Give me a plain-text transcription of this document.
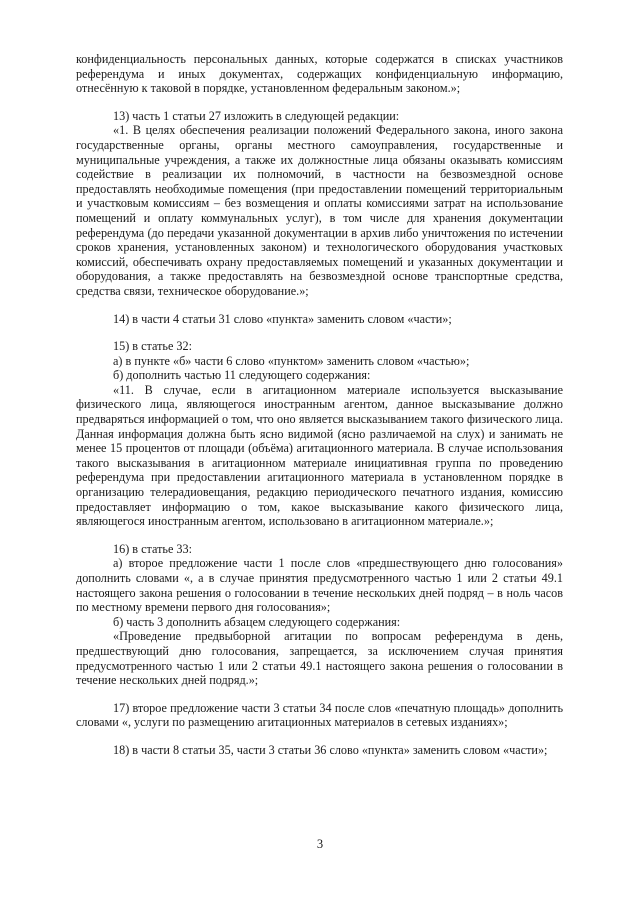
конфиденциальность персональных данных, которые содержатся в списках участников референдума и иных документах, содержащих конфиденциальную информацию, отнесённую к таковой в порядке, установленном федеральным законом.»;

13) часть 1 статьи 27 изложить в следующей редакции:

«1. В целях обеспечения реализации положений Федерального закона, иного закона государственные органы, органы местного самоуправления, государственные и муниципальные учреждения, а также их должностные лица обязаны оказывать комиссиям содействие в реализации их полномочий, в частности на безвозмездной основе предоставлять необходимые помещения (при предоставлении помещений территориальным и участковым комиссиям – без возмещения и оплаты комиссиями затрат на использование помещений и оплату коммунальных услуг), в том числе для хранения документации референдума (до передачи указанной документации в архив либо уничтожения по истечении сроков хранения, установленных законом) и технологического оборудования участковых комиссий, обеспечивать охрану предоставляемых помещений и указанных документации и оборудования, а также предоставлять на безвозмездной основе транспортные средства, средства связи, техническое оборудование.»;

14) в части 4 статьи 31 слово «пункта» заменить словом «части»;

15) в статье 32:

а) в пункте «б» части 6 слово «пунктом» заменить словом «частью»;

б) дополнить частью 11 следующего содержания:

«11. В случае, если в агитационном материале используется высказывание физического лица, являющегося иностранным агентом, данное высказывание должно предваряться информацией о том, что оно является высказыванием такого физического лица. Данная информация должна быть ясно видимой (ясно различаемой на слух) и занимать не менее 15 процентов от площади (объёма) агитационного материала. В случае использования такого высказывания в агитационном материале инициативная группа по проведению референдума при предоставлении агитационного материала в установленном порядке в организацию телерадиовещания, редакцию периодического печатного издания, комиссию предоставляет информацию о том, какое высказывание какого физического лица, являющегося иностранным агентом, использовано в агитационном материале.»;

16) в статье 33:

а) второе предложение части 1 после слов «предшествующего дню голосования» дополнить словами «, а в случае принятия предусмотренного частью 1 или 2 статьи 49.1 настоящего закона решения о голосовании в течение нескольких дней подряд – в ноль часов по местному времени первого дня голосования»;

б) часть 3 дополнить абзацем следующего содержания:

«Проведение предвыборной агитации по вопросам референдума в день, предшествующий дню голосования, запрещается, за исключением случая принятия предусмотренного частью 1 или 2 статьи 49.1 настоящего закона решения о голосовании в течение нескольких дней подряд.»;

17) второе предложение части 3 статьи 34 после слов «печатную площадь» дополнить словами «, услуги по размещению агитационных материалов в сетевых изданиях»;

18) в части 8 статьи 35, части 3 статьи 36 слово «пункта» заменить словом «части»;

3
